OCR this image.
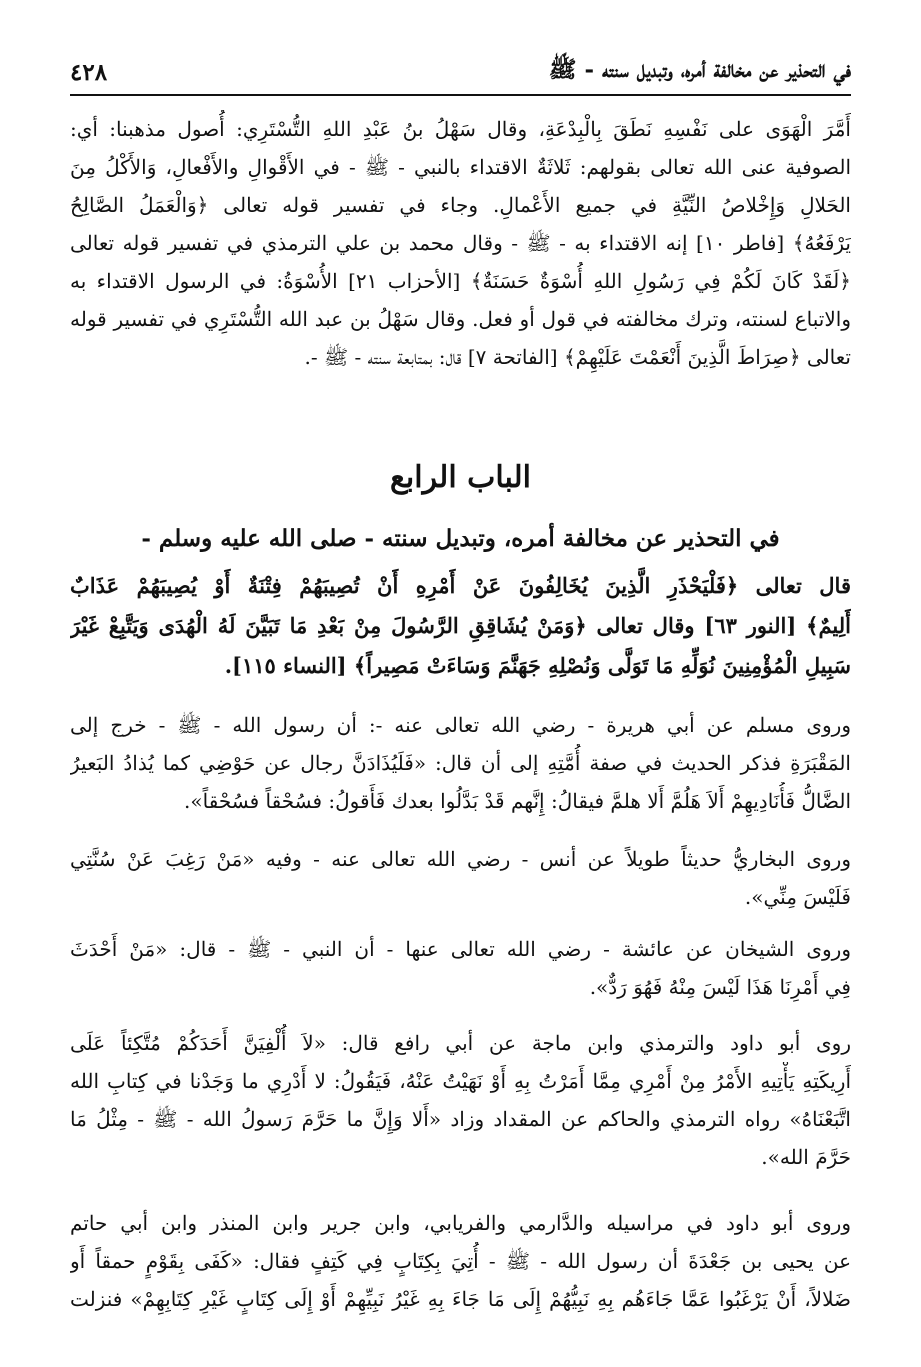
في التحذير عن مخالفة أمره، وتبديل سنته - ﷺ
٤٢٨
أَمَّرَ الْهَوَى على نَفْسِهِ نَطَقَ بِالْبِدْعَةِ، وقال سَهْلُ بنُ عَبْدِ اللهِ التُّسْتَرِي: أُصول مذهبنا: أي:
الصوفية عنى الله تعالى بقولهم: ثَلاثَةٌ الاقتداء بالنبي - ﷺ - في الأَقْوالِ والأَفْعالِ، وَالأَكْلُ مِنَ
الحَلالِ وَإِخْلاصُ النِّيَّةِ في جميع الأَعْمالِ. وجاء في تفسير قوله تعالى ﴿وَالْعَمَلُ الصَّالِحُ
يَرْفَعُهُ﴾ [فاطر ١٠] إنه الاقتداء به - ﷺ - وقال محمد بن علي الترمذي في تفسير قوله تعالى
﴿لَقَدْ كَانَ لَكُمْ فِي رَسُولِ اللهِ أُسْوَةٌ حَسَنَةٌ﴾ [الأحزاب ٢١] الأُسْوَةُ: في الرسول الاقتداء به
والاتباع لسنته، وترك مخالفته في قول أو فعل. وقال سَهْلُ بن عبد الله التُّسْتَرِي في تفسير قوله
تعالى ﴿صِرَاطَ الَّذِينَ أَنْعَمْتَ عَلَيْهِمْ﴾ [الفاتحة ٧] قال: بمتابعة سنته - ﷺ -.
الباب الرابع
في التحذير عن مخالفة أمره، وتبديل سنته - صلى الله عليه وسلم -
قال تعالى ﴿فَلْيَحْذَرِ الَّذِينَ يُخَالِفُونَ عَنْ أَمْرِهِ أَنْ تُصِيبَهُمْ فِتْنَةٌ أَوْ يُصِيبَهُمْ عَذَابٌ
أَلِيمٌ﴾ [النور ٦٣] وقال تعالى ﴿وَمَنْ يُشَاقِقِ الرَّسُولَ مِنْ بَعْدِ مَا تَبَيَّنَ لَهُ الْهُدَى وَيَتَّبِعْ غَيْرَ
سَبِيلِ الْمُؤْمِنِينَ نُوَلِّهِ مَا تَوَلَّى وَنُصْلِهِ جَهَنَّمَ وَسَاءَتْ مَصِيراً﴾ [النساء ١١٥].
وروى مسلم عن أبي هريرة - رضي الله تعالى عنه -: أن رسول الله - ﷺ - خرج إلى
المَقْبَرَةِ فذكر الحديث في صفة أُمَّتِهِ إلى أن قال: «فَلَيُذَادَنَّ رجال عن حَوْضِي كما يُذادُ البَعيرُ
الضَّالُّ فَأُنَادِيهِمْ أَلاَ هَلُمَّ أَلا هلمَّ فيقالُ: إِنَّهم قَدْ بَدَّلُوا بعدك فَأَقولُ: فسُحْقاً فسُحْقاً».
وروى البخاريُّ حديثاً طويلاً عن أنس - رضي الله تعالى عنه - وفيه «مَنْ رَغِبَ عَنْ سُنَّتِي
فَلَيْسَ مِنِّي».
وروى الشيخان عن عائشة - رضي الله تعالى عنها - أن النبي - ﷺ - قال: «مَنْ أَحْدَثَ
فِي أَمْرِنَا هَذَا لَيْسَ مِنْهُ فَهُوَ رَدٌّ».
روى أبو داود والترمذي وابن ماجة عن أبي رافع قال: «لاَ أُلْفِيَنَّ أَحَدَكُمْ مُتَّكِئاً عَلَى
أَرِيكَتِهِ يَأْتِيهِ الأَمْرُ مِنْ أَمْرِي مِمَّا أَمَرْتُ بِهِ أَوْ نَهَيْتُ عَنْهُ، فَيَقُولُ: لا أَدْرِي ما وَجَدْنا في كِتابِ الله
اتَّبَعْنَاهُ» رواه الترمذي والحاكم عن المقداد وزاد «أَلا وَإِنَّ ما حَرَّمَ رَسولُ الله - ﷺ - مِثْلُ مَا
حَرَّمَ الله».
وروى أبو داود في مراسيله والدَّارمي والفريابي، وابن جرير وابن المنذر وابن أبي حاتم
عن يحيى بن جَعْدَةَ أن رسول الله - ﷺ - أُتِيَ بِكِتَابٍ فِي كَتِفٍ فقال: «كَفَى بِقَوْمٍ حمقاً أَو
ضَلالاً، أَنْ يَرْغَبُوا عَمَّا جَاءَهُم بِهِ نَبِيُّهُمْ إِلَى مَا جَاءَ بِهِ غَيْرُ نَبِيِّهِمْ أَوْ إِلَى كِتَابٍ غَيْرِ كِتَابِهِمْ» فنزلت
